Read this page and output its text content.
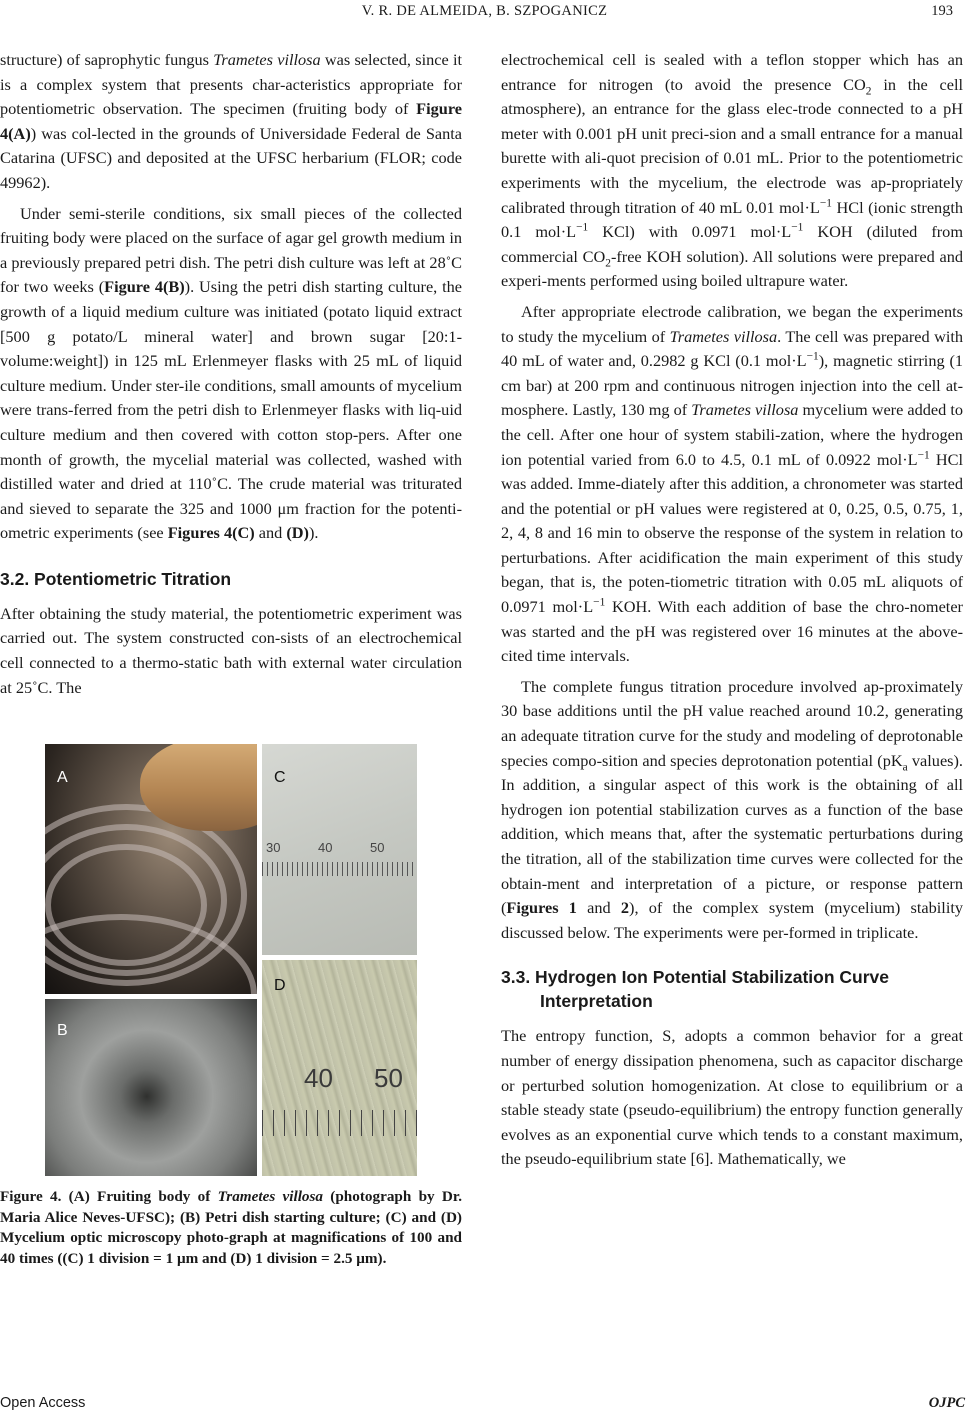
V. R. DE ALMEIDA, B. SZPOGANICZ	193

structure) of saprophytic fungus Trametes villosa was selected, since it is a complex system that presents char-acteristics appropriate for potentiometric observation. The specimen (fruiting body of Figure 4(A)) was col-lected in the grounds of Universidade Federal de Santa Catarina (UFSC) and deposited at the UFSC herbarium (FLOR; code 49962).

Under semi-sterile conditions, six small pieces of the collected fruiting body were placed on the surface of agar gel growth medium in a previously prepared petri dish. The petri dish culture was left at 28˚C for two weeks (Figure 4(B)). Using the petri dish starting culture, the growth of a liquid medium culture was initiated (potato liquid extract [500 g potato/L mineral water] and brown sugar [20:1-volume:weight]) in 125 mL Erlenmeyer flasks with 25 mL of liquid culture medium. Under ster-ile conditions, small amounts of mycelium were trans-ferred from the petri dish to Erlenmeyer flasks with liq-uid culture medium and then covered with cotton stop-pers. After one month of growth, the mycelial material was collected, washed with distilled water and dried at 110˚C. The crude material was triturated and sieved to separate the 325 and 1000 μm fraction for the potenti-ometric experiments (see Figures 4(C) and (D)).

3.2. Potentiometric Titration

After obtaining the study material, the potentiometric experiment was carried out. The system constructed con-sists of an electrochemical cell connected to a thermo-static bath with external water circulation at 25˚C. The

A	C
30	40	50
B
D
40 50
Figure 4. (A) Fruiting body of Trametes villosa (photograph by Dr. Maria Alice Neves-UFSC); (B) Petri dish starting culture; (C) and (D) Mycelium optic microscopy photo-graph at magnifications of 100 and 40 times ((C) 1 division = 1 μm and (D) 1 division = 2.5 μm).

electrochemical cell is sealed with a teflon stopper which has an entrance for nitrogen (to avoid the presence $CO_2$ in the cell atmosphere), an entrance for the glass elec-trode connected to a pH meter with 0.001 pH unit preci-sion and a small entrance for a manual burette with ali-quot precision of 0.01 mL. Prior to the potentiometric experiments with the mycelium, the electrode was ap-propriately calibrated through titration of 40 mL 0.01 $mol\cdot L^{-1}$ HCl (ionic strength 0.1 $mol\cdot L^{-1}$ KCl) with 0.0971 $mol\cdot L^{-1}$ KOH (diluted from commercial $CO_2$-free KOH solution). All solutions were prepared and experi-ments performed using boiled ultrapure water.

After appropriate electrode calibration, we began the experiments to study the mycelium of Trametes villosa. The cell was prepared with 40 mL of water and, 0.2982 g KCl (0.1 $mol\cdot L^{-1}$), magnetic stirring (1 cm bar) at 200 rpm and continuous nitrogen injection into the cell at-mosphere. Lastly, 130 mg of Trametes villosa mycelium were added to the cell. After one hour of system stabili-zation, where the hydrogen ion potential varied from 6.0 to 4.5, 0.1 mL of 0.0922 $mol\cdot L^{-1}$ HCl was added. Imme-diately after this addition, a chronometer was started and the potential or pH values were registered at 0, 0.25, 0.5, 0.75, 1, 2, 4, 8 and 16 min to observe the response of the system in relation to perturbations. After acidification the main experiment of this study began, that is, the poten-tiometric titration with 0.05 mL aliquots of 0.0971 $mol\cdot L^{-1}$ KOH. With each addition of base the chro-nometer was started and the pH was registered over 16 minutes at the above-cited time intervals.

The complete fungus titration procedure involved ap-proximately 30 base additions until the pH value reached around 10.2, generating an adequate titration curve for the study and modeling of deprotonable species compo-sition and species deprotonation potential ($pK_a$ values). In addition, a singular aspect of this work is the obtaining of all hydrogen ion potential stabilization curves as a function of the base addition, which means that, after the systematic perturbations during the titration, all of the stabilization time curves were collected for the obtain-ment and interpretation of a picture, or response pattern (Figures 1 and 2), of the complex system (mycelium) stability discussed below. The experiments were per-formed in triplicate.

3.3. Hydrogen Ion Potential Stabilization Curve
Interpretation

The entropy function, S, adopts a common behavior for a great number of energy dissipation phenomena, such as capacitor discharge or perturbed solution homogenization. At close to equilibrium or a stable steady state (pseudo-equilibrium) the entropy function generally evolves as an exponential curve which tends to a constant maximum, the pseudo-equilibrium state [6]. Mathematically, we

Open Access	OJPC
